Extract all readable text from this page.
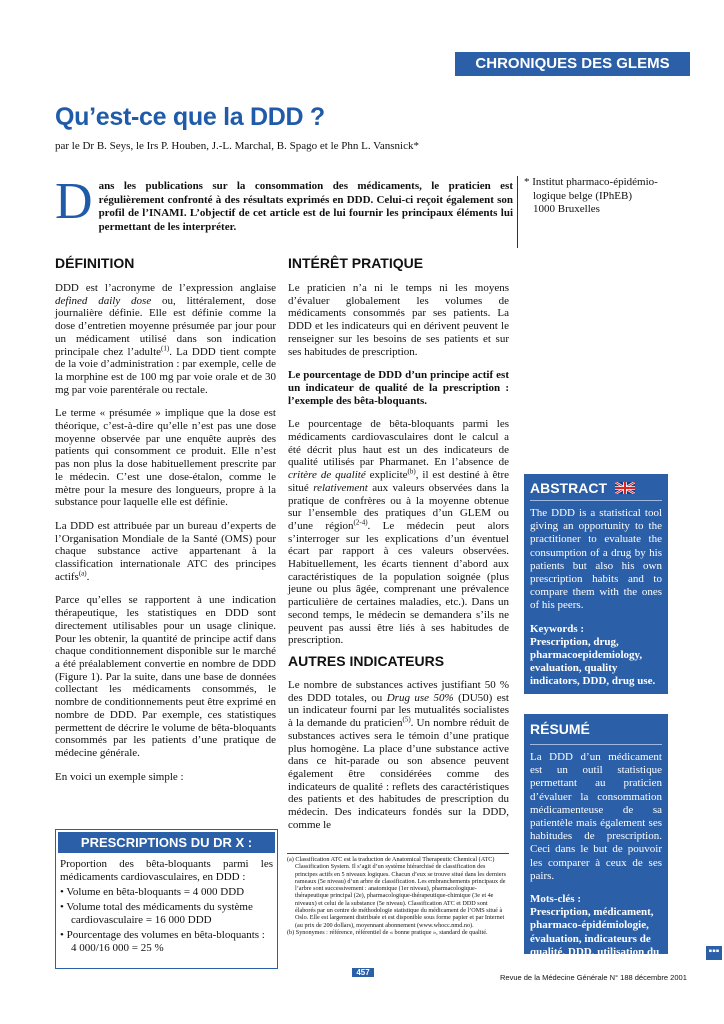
CHRONIQUES DES GLEMS
Qu’est-ce que la DDD ?
par le Dr B. Seys, le Irs P. Houben, J.-L. Marchal, B. Spago et le Phn L. Vansnick*
D ans les publications sur la consommation des médicaments, le praticien est régulièrement confronté à des résultats exprimés en DDD. Celui-ci reçoit également son profil de l’INAMI. L’objectif de cet article est de lui fournir les principaux éléments lui permettant de les interpréter.
* Institut pharmaco-épidémio-logique belge (IPhEB)
1000 Bruxelles
DÉFINITION

DDD est l’acronyme de l’expression anglaise defined daily dose ou, littéralement, dose journalière définie. Elle est définie comme la dose d’entretien moyenne présumée par jour pour un médicament utilisé dans son indication principale chez l’adulte$^{(1)}$. La DDD tient compte de la voie d’administration : par exemple, celle de la morphine est de 100 mg par voie orale et de 30 mg par voie parentérale ou rectale.

Le terme « présumée » implique que la dose est théorique, c’est-à-dire qu’elle n’est pas une dose moyenne observée par une enquête auprès des patients qui consomment ce produit. Elle n’est pas non plus la dose habituellement prescrite par le médecin. C’est une dose-étalon, comme le mètre pour la mesure des longueurs, propre à la substance pour laquelle elle est définie.

La DDD est attribuée par un bureau d’experts de l’Organisation Mondiale de la Santé (OMS) pour chaque substance active appartenant à la classification internationale ATC des principes actifs$^{(a)}$.

Parce qu’elles se rapportent à une indication thérapeutique, les statistiques en DDD sont directement utilisables pour un usage clinique. Pour les obtenir, la quantité de principe actif dans chaque conditionnement disponible sur le marché a été préalablement convertie en nombre de DDD (Figure 1). Par la suite, dans une base de données collectant les médicaments consommés, le nombre de conditionnements peut être exprimé en nombre de DDD. Par exemple, ces statistiques permettent de décrire le volume de bêta-bloquants consommés par les patients d’une pratique de médecine générale.

En voici un exemple simple :

PRESCRIPTIONS DU DR X :
Proportion des bêta-bloquants parmi les médicaments cardiovasculaires, en DDD :
• Volume en bêta-bloquants = 4 000 DDD
• Volume total des médicaments du système cardiovasculaire = 16 000 DDD
• Pourcentage des volumes en bêta-bloquants : 4 000/16 000 = 25 %
INTÉRÊT PRATIQUE

Le praticien n’a ni le temps ni les moyens d’évaluer globalement les volumes de médicaments consommés par ses patients. La DDD et les indicateurs qui en dérivent peuvent le renseigner sur les besoins de ses patients et sur ses habitudes de prescription.

Le pourcentage de DDD d’un principe actif est un indicateur de qualité de la prescription : l’exemple des bêta-bloquants.

Le pourcentage de bêta-bloquants parmi les médicaments cardiovasculaires dont le calcul a été décrit plus haut est un des indicateurs de qualité utilisés par Pharmanet. En l’absence de critère de qualité explicite$^{(b)}$, il est destiné à être situé relativement aux valeurs observées dans la pratique de confrères ou à la moyenne obtenue sur l’ensemble des pratiques d’un GLEM ou d’une région$^{(2-4)}$. Le médecin peut alors s’interroger sur les explications d’un éventuel écart par rapport à ces valeurs observées. Habituellement, les écarts tiennent d’abord aux caractéristiques de la population soignée (plus jeune ou plus âgée, comprenant une prévalence particulière de certaines maladies, etc.). Dans un second temps, le médecin se demandera s’ils ne peuvent pas aussi être liés à ses habitudes de prescription.

AUTRES INDICATEURS

Le nombre de substances actives justifiant 50 % des DDD totales, ou Drug use 50% (DU50) est un indicateur fourni par les mutualités socialistes à la demande du praticien$^{(5)}$. Un nombre réduit de substances actives sera le témoin d’une pratique plus homogène. La place d’une substance active dans ce hit-parade ou son absence peuvent également être considérées comme des indicateurs de qualité : reflets des caractéristiques des patients et des habitudes de prescription du médecin. Des indicateurs fondés sur la DDD, comme le

(a) Classification ATC est la traduction de Anatomical Therapeutic Chemical (ATC) Classification System. Il s’agit d’un système hiérarchisé de classification des principes actifs en 5 niveaux logiques. Chacun d’eux se trouve situé dans les derniers rameaux (5e niveau) d’un arbre de classification. Les embranchements principaux de l’arbre sont successivement : anatomique (1er niveau), pharmacologique-thérapeutique principal (2e), pharmacologique-thérapeutique-chimique (3e et 4e niveaux) et celui de la substance (5e niveau). Classification ATC et DDD sont élaborés par un centre de méthodologie statistique du médicament de l’OMS situé à Oslo. Elle est largement distribuée et est disponible sous forme papier et par Internet (au prix de 200 dollars), moyennant abonnement (www.whocc.nmd.no).
(b) Synonymes : référence, référentiel de « bonne pratique », standard de qualité.
ABSTRACT
The DDD is a statistical tool giving an opportunity to the practitioner to evaluate the consumption of a drug by his patients but also his own prescription habits and to compare them with the ones of his peers.
Keywords :
Prescription, drug, pharmacoepidemiology, evaluation, quality indicators, DDD, drug use.
RÉSUMÉ
La DDD d’un médicament est un outil statistique permettant au praticien d’évaluer la consommation médicamenteuse de sa patientèle mais également ses habitudes de prescription. Ceci dans le but de pouvoir les comparer à ceux de ses pairs.
Mots-clés :
Prescription, médicament, pharmaco-épidémiologie, évaluation, indicateurs de qualité, DDD, utilisation du médicament.
▪▪▪
457
Revue de la Médecine Générale N° 188 décembre 2001
